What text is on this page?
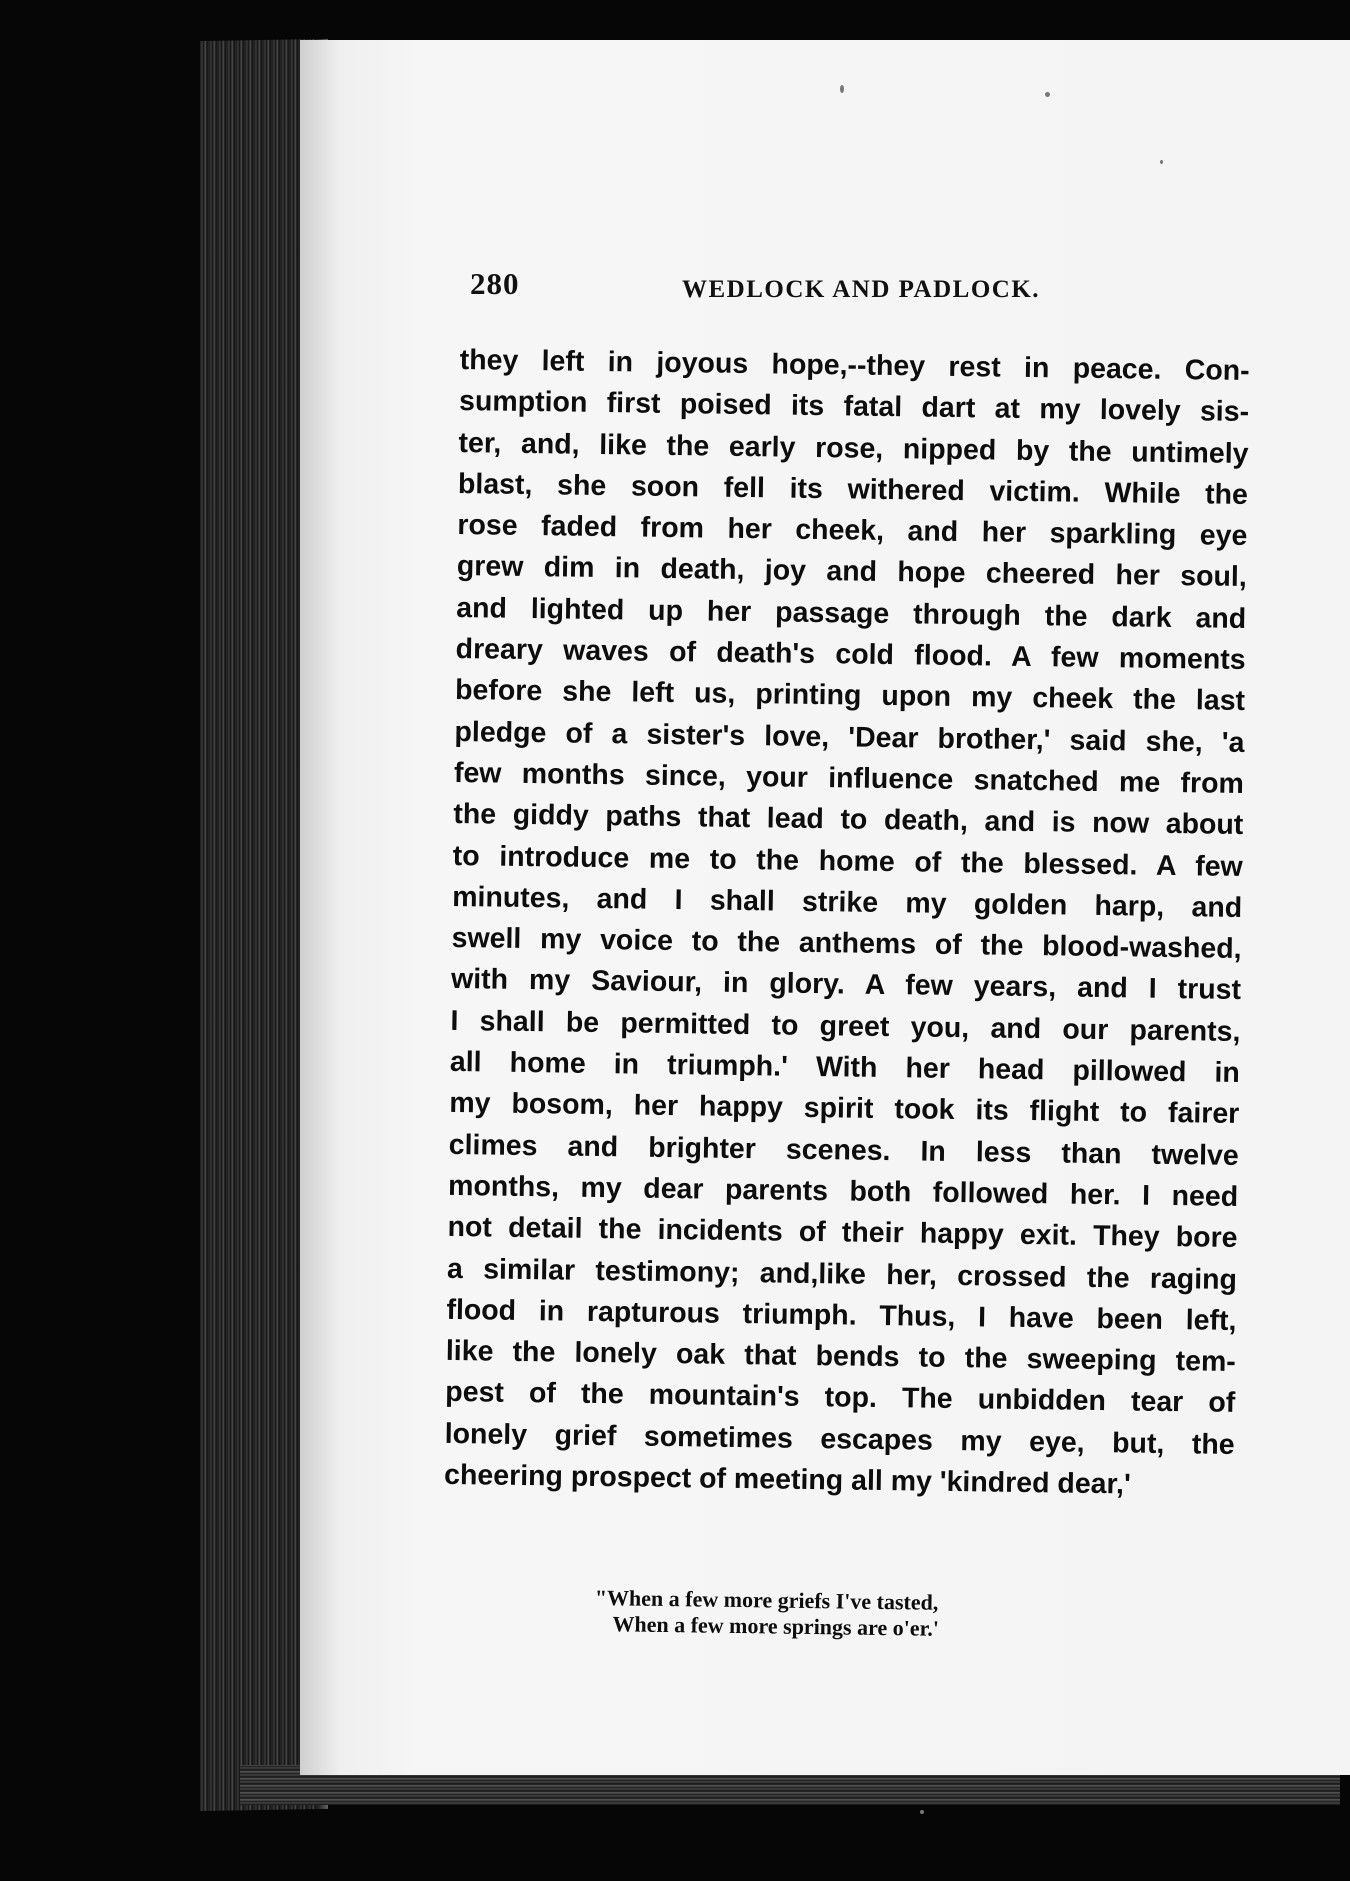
280	WEDLOCK AND PADLOCK.
they left in joyous hope,--they rest in peace. Con-
sumption first poised its fatal dart at my lovely sis-
ter, and, like the early rose, nipped by the untimely
blast, she soon fell its withered victim. While the
rose faded from her cheek, and her sparkling eye
grew dim in death, joy and hope cheered her soul,
and lighted up her passage through the dark and
dreary waves of death's cold flood. A few moments
before she left us, printing upon my cheek the last
pledge of a sister's love, 'Dear brother,' said she, 'a
few months since, your influence snatched me from
the giddy paths that lead to death, and is now about
to introduce me to the home of the blessed. A few
minutes, and I shall strike my golden harp, and
swell my voice to the anthems of the blood-washed,
with my Saviour, in glory. A few years, and I trust
I shall be permitted to greet you, and our parents,
all home in triumph.' With her head pillowed in
my bosom, her happy spirit took its flight to fairer
climes and brighter scenes. In less than twelve
months, my dear parents both followed her. I need
not detail the incidents of their happy exit. They bore
a similar testimony; and,like her, crossed the raging
flood in rapturous triumph. Thus, I have been left,
like the lonely oak that bends to the sweeping tem-
pest of the mountain's top. The unbidden tear of
lonely grief sometimes escapes my eye, but, the
cheering prospect of meeting all my 'kindred dear,'
"When a few more griefs I've tasted,
When a few more springs are o'er.'
